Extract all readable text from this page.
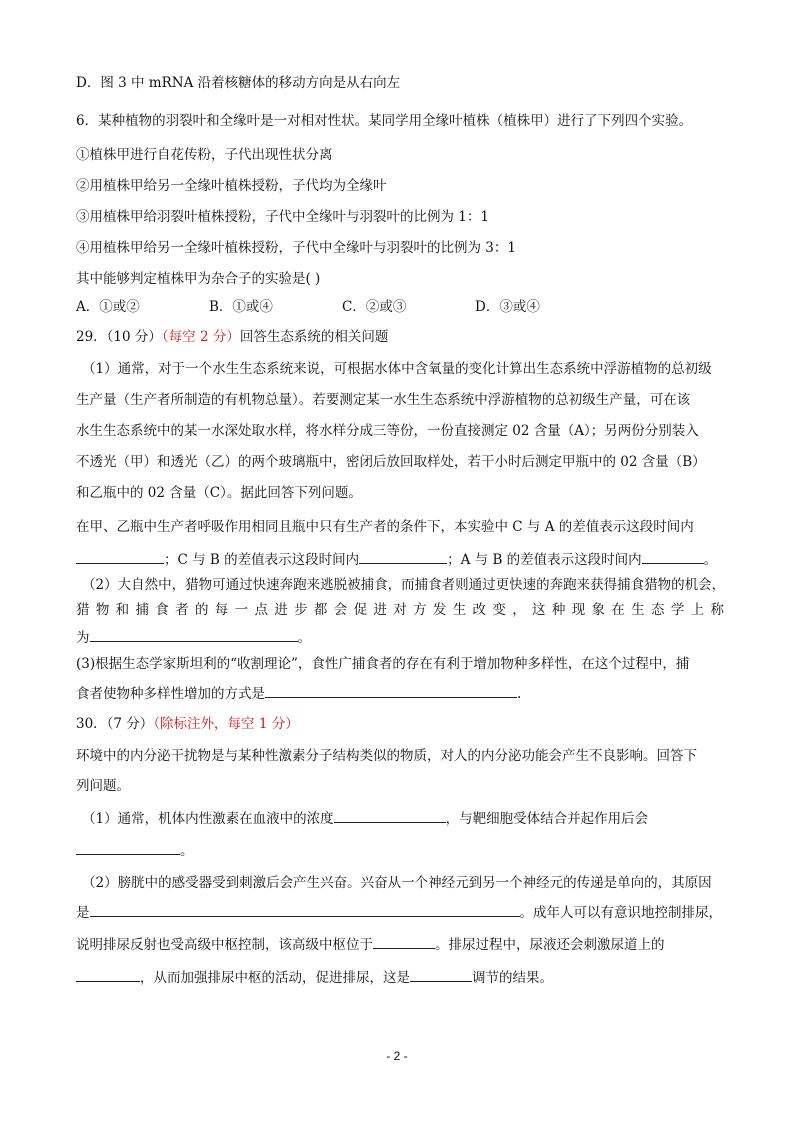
D．图 3 中 mRNA 沿着核糖体的移动方向是从右向左
6．某种植物的羽裂叶和全缘叶是一对相对性状。某同学用全缘叶植株（植株甲）进行了下列四个实验。
①植株甲进行自花传粉，子代出现性状分离
②用植株甲给另一全缘叶植株授粉，子代均为全缘叶
③用植株甲给羽裂叶植株授粉，子代中全缘叶与羽裂叶的比例为 1：1
④用植株甲给另一全缘叶植株授粉，子代中全缘叶与羽裂叶的比例为 3：1
其中能够判定植株甲为杂合子的实验是( )
A．①或②	B．①或④	C．②或③	D．③或④
29．（10 分）（每空 2 分）回答生态系统的相关问题
（1）通常，对于一个水生生态系统来说，可根据水体中含氧量的变化计算出生态系统中浮游植物的总初级
生产量（生产者所制造的有机物总量）。若要测定某一水生生态系统中浮游植物的总初级生产量，可在该
水生生态系统中的某一水深处取水样，将水样分成三等份，一份直接测定 02 含量（A）；另两份分别装入
不透光（甲）和透光（乙）的两个玻璃瓶中，密闭后放回取样处，若干小时后测定甲瓶中的 02 含量（B）
和乙瓶中的 02 含量（C）。据此回答下列问题。
在甲、乙瓶中生产者呼吸作用相同且瓶中只有生产者的条件下，本实验中 C 与 A 的差值表示这段时间内
；C 与 B 的差值表示这段时间内	；A 与 B 的差值表示这段时间内	。
（2）大自然中，猎物可通过快速奔跑来逃脱被捕食，而捕食者则通过更快速的奔跑来获得捕食猎物的机会，
猎物和捕食者的每一点进步都会促进对方发生改变，这种现象在生态学上称
为	。
(3)根据生态学家斯坦利的“收割理论”，食性广捕食者的存在有利于增加物种多样性，在这个过程中，捕
食者使物种多样性增加的方式是	.
30．（7 分）（除标注外，每空 1 分）
环境中的内分泌干扰物是与某种性激素分子结构类似的物质，对人的内分泌功能会产生不良影响。回答下
列问题。
（1）通常，机体内性激素在血液中的浓度	，与靶细胞受体结合并起作用后会
。
（2）膀胱中的感受器受到刺激后会产生兴奋。兴奋从一个神经元到另一个神经元的传递是单向的，其原因
是	。成年人可以有意识地控制排尿，
说明排尿反射也受高级中枢控制，该高级中枢位于	。排尿过程中，尿液还会刺激尿道上的
，从而加强排尿中枢的活动，促进排尿，这是	调节的结果。
- 2 -
